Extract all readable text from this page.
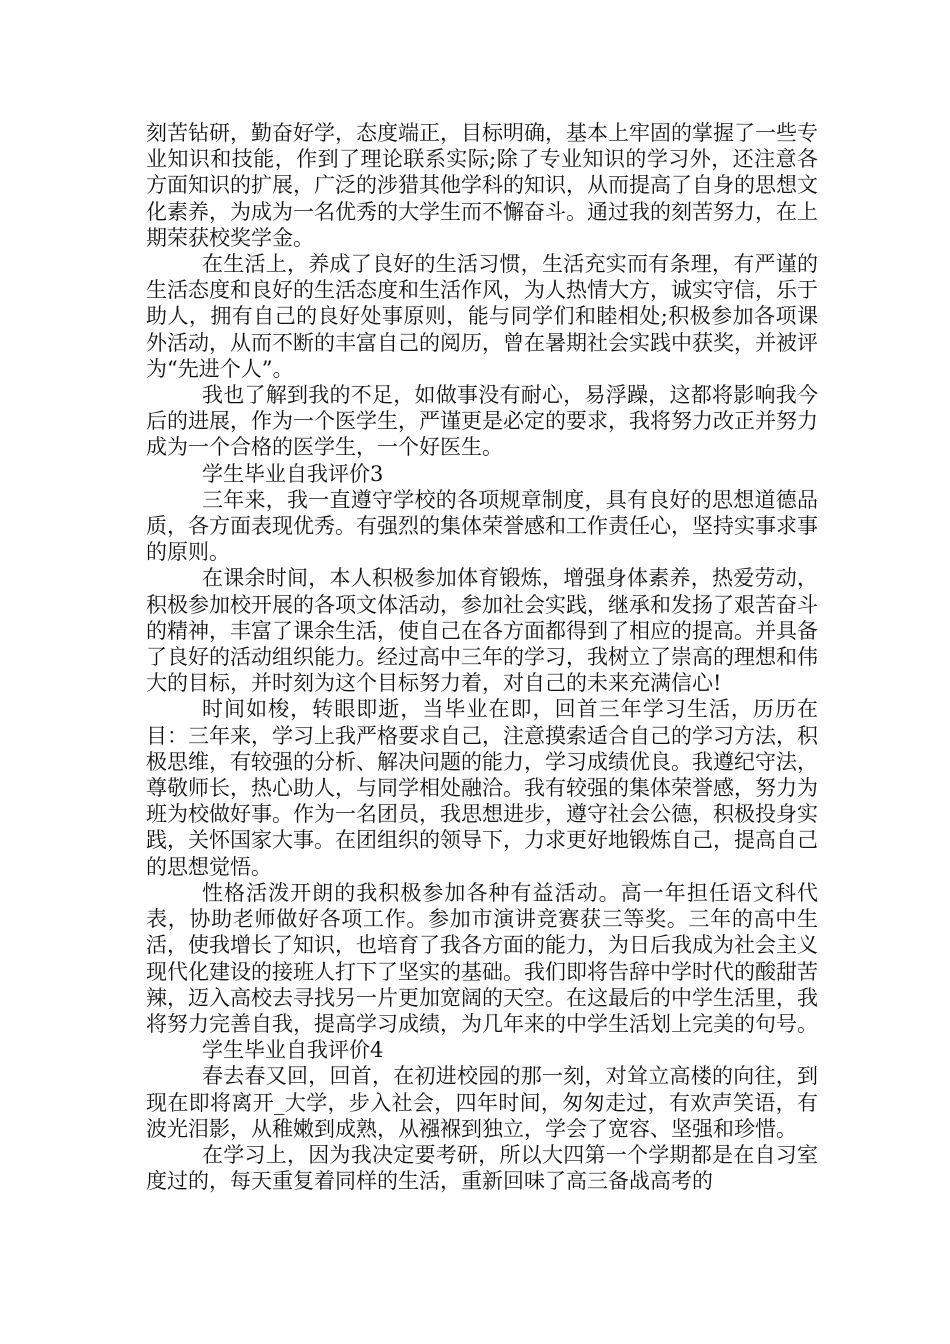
刻苦钻研，勤奋好学，态度端正，目标明确，基本上牢固的掌握了一些专业知识和技能，作到了理论联系实际;除了专业知识的学习外，还注意各方面知识的扩展，广泛的涉猎其他学科的知识，从而提高了自身的思想文化素养，为成为一名优秀的大学生而不懈奋斗。通过我的刻苦努力，在上期荣获校奖学金。

在生活上，养成了良好的生活习惯，生活充实而有条理，有严谨的生活态度和良好的生活态度和生活作风，为人热情大方，诚实守信，乐于助人，拥有自己的良好处事原则，能与同学们和睦相处;积极参加各项课外活动，从而不断的丰富自己的阅历，曾在暑期社会实践中获奖，并被评为“先进个人”。

我也了解到我的不足，如做事没有耐心，易浮躁，这都将影响我今后的进展，作为一个医学生，严谨更是必定的要求，我将努力改正并努力成为一个合格的医学生，一个好医生。

学生毕业自我评价3

三年来，我一直遵守学校的各项规章制度，具有良好的思想道德品质，各方面表现优秀。有强烈的集体荣誉感和工作责任心，坚持实事求事的原则。

在课余时间，本人积极参加体育锻炼，增强身体素养，热爱劳动，积极参加校开展的各项文体活动，参加社会实践，继承和发扬了艰苦奋斗的精神，丰富了课余生活，使自己在各方面都得到了相应的提高。并具备了良好的活动组织能力。经过高中三年的学习，我树立了崇高的理想和伟大的目标，并时刻为这个目标努力着，对自己的未来充满信心!

时间如梭，转眼即逝，当毕业在即，回首三年学习生活，历历在目：三年来，学习上我严格要求自己，注意摸索适合自己的学习方法，积极思维，有较强的分析、解决问题的能力，学习成绩优良。我遵纪守法，尊敬师长，热心助人，与同学相处融洽。我有较强的集体荣誉感，努力为班为校做好事。作为一名团员，我思想进步，遵守社会公德，积极投身实践，关怀国家大事。在团组织的领导下，力求更好地锻炼自己，提高自己的思想觉悟。

性格活泼开朗的我积极参加各种有益活动。高一年担任语文科代表，协助老师做好各项工作。参加市演讲竞赛获三等奖。三年的高中生活，使我增长了知识，也培育了我各方面的能力，为日后我成为社会主义现代化建设的接班人打下了坚实的基础。我们即将告辞中学时代的酸甜苦辣，迈入高校去寻找另一片更加宽阔的天空。在这最后的中学生活里，我将努力完善自我，提高学习成绩，为几年来的中学生活划上完美的句号。

学生毕业自我评价4

春去春又回，回首，在初进校园的那一刻，对耸立高楼的向往，到现在即将离开_大学，步入社会，四年时间，匆匆走过，有欢声笑语，有波光泪影，从稚嫩到成熟，从襁褓到独立，学会了宽容、坚强和珍惜。

在学习上，因为我决定要考研，所以大四第一个学期都是在自习室度过的，每天重复着同样的生活，重新回味了高三备战高考的
